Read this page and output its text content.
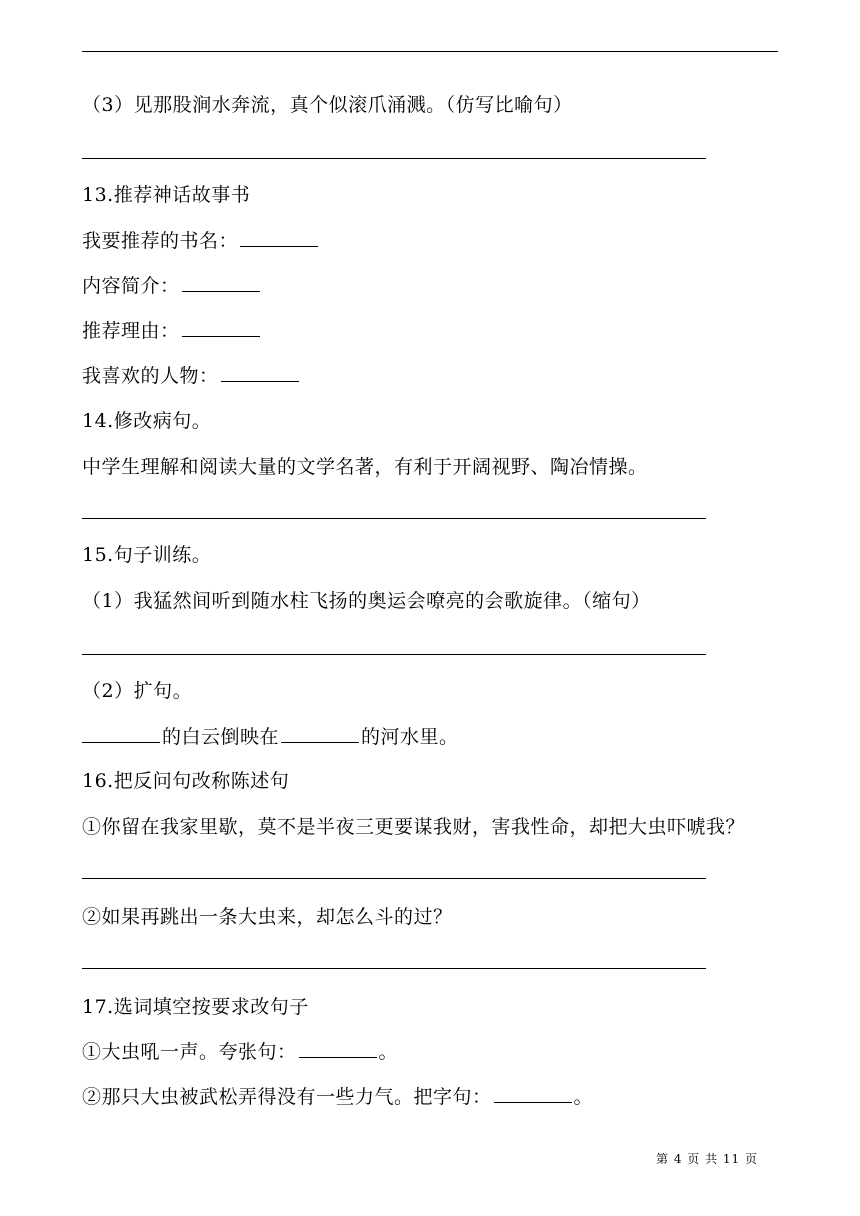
（3）见那股涧水奔流，真个似滚爪涌溅。（仿写比喻句）
13.推荐神话故事书
我要推荐的书名：
内容简介：
推荐理由：
我喜欢的人物：
14.修改病句。
中学生理解和阅读大量的文学名著，有利于开阔视野、陶冶情操。
15.句子训练。
（1）我猛然间听到随水柱飞扬的奥运会嘹亮的会歌旋律。（缩句）
（2）扩句。
的白云倒映在	的河水里。
16.把反问句改称陈述句
①你留在我家里歇，莫不是半夜三更要谋我财，害我性命，却把大虫吓唬我？
②如果再跳出一条大虫来，却怎么斗的过？
17.选词填空按要求改句子
①大虫吼一声。夸张句：	。
②那只大虫被武松弄得没有一些力气。把字句：	。
第 4 页 共 11 页
